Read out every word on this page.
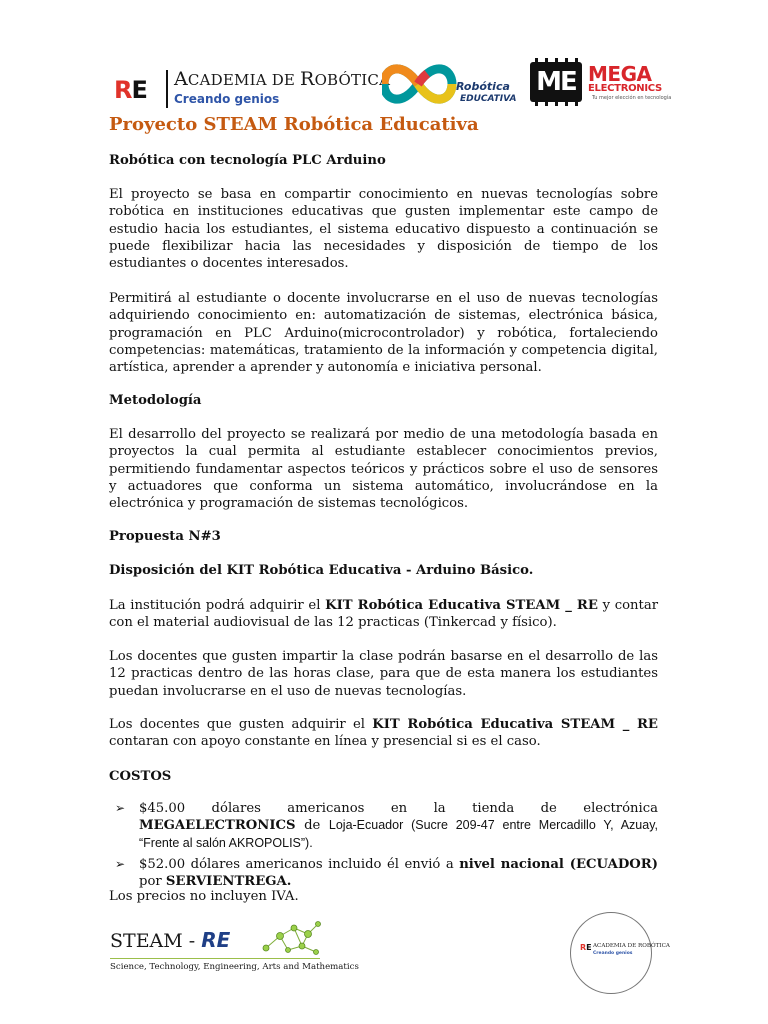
RE ACADEMIA DE ROBÓTICA
Creando genios
Robótica
EDUCATIVA
ME MEGA
ELECTRONICS
Tu mejor elección en tecnología
Proyecto STEAM Robótica Educativa
Robótica con tecnología PLC Arduino
El proyecto se basa en compartir conocimiento en nuevas tecnologías sobre robótica en instituciones educativas que gusten implementar este campo de estudio hacia los estudiantes, el sistema educativo dispuesto a continuación se puede flexibilizar hacia las necesidades y disposición de tiempo de los estudiantes o docentes interesados.
Permitirá al estudiante o docente involucrarse en el uso de nuevas tecnologías adquiriendo conocimiento en: automatización de sistemas, electrónica básica, programación en PLC Arduino(microcontrolador) y robótica, fortaleciendo competencias: matemáticas, tratamiento de la información y competencia digital, artística, aprender a aprender y autonomía e iniciativa personal.
Metodología
El desarrollo del proyecto se realizará por medio de una metodología basada en proyectos la cual permita al estudiante establecer conocimientos previos, permitiendo fundamentar aspectos teóricos y prácticos sobre el uso de sensores y actuadores que conforma un sistema automático, involucrándose en la electrónica y programación de sistemas tecnológicos.
Propuesta N#3
Disposición del KIT Robótica Educativa - Arduino Básico.
La institución podrá adquirir el KIT Robótica Educativa STEAM _ RE y contar con el material audiovisual de las 12 practicas (Tinkercad y físico).
Los docentes que gusten impartir la clase podrán basarse en el desarrollo de las 12 practicas dentro de las horas clase, para que de esta manera los estudiantes puedan involucrarse en el uso de nuevas tecnologías.
Los docentes que gusten adquirir el KIT Robótica Educativa STEAM _ RE contaran con apoyo constante en línea y presencial si es el caso.
COSTOS
➢ $45.00 dólares americanos en la tienda de electrónica MEGAELECTRONICS de Loja-Ecuador (Sucre 209-47 entre Mercadillo Y, Azuay, “Frente al salón AKROPOLIS”).
➢ $52.00 dólares americanos incluido él envió a nivel nacional (ECUADOR) por SERVIENTREGA.
Los precios no incluyen IVA.
STEAM - RE
Science, Technology, Engineering, Arts and Mathematics
RE ACADEMIA DE ROBÓTICA
Creando genios
